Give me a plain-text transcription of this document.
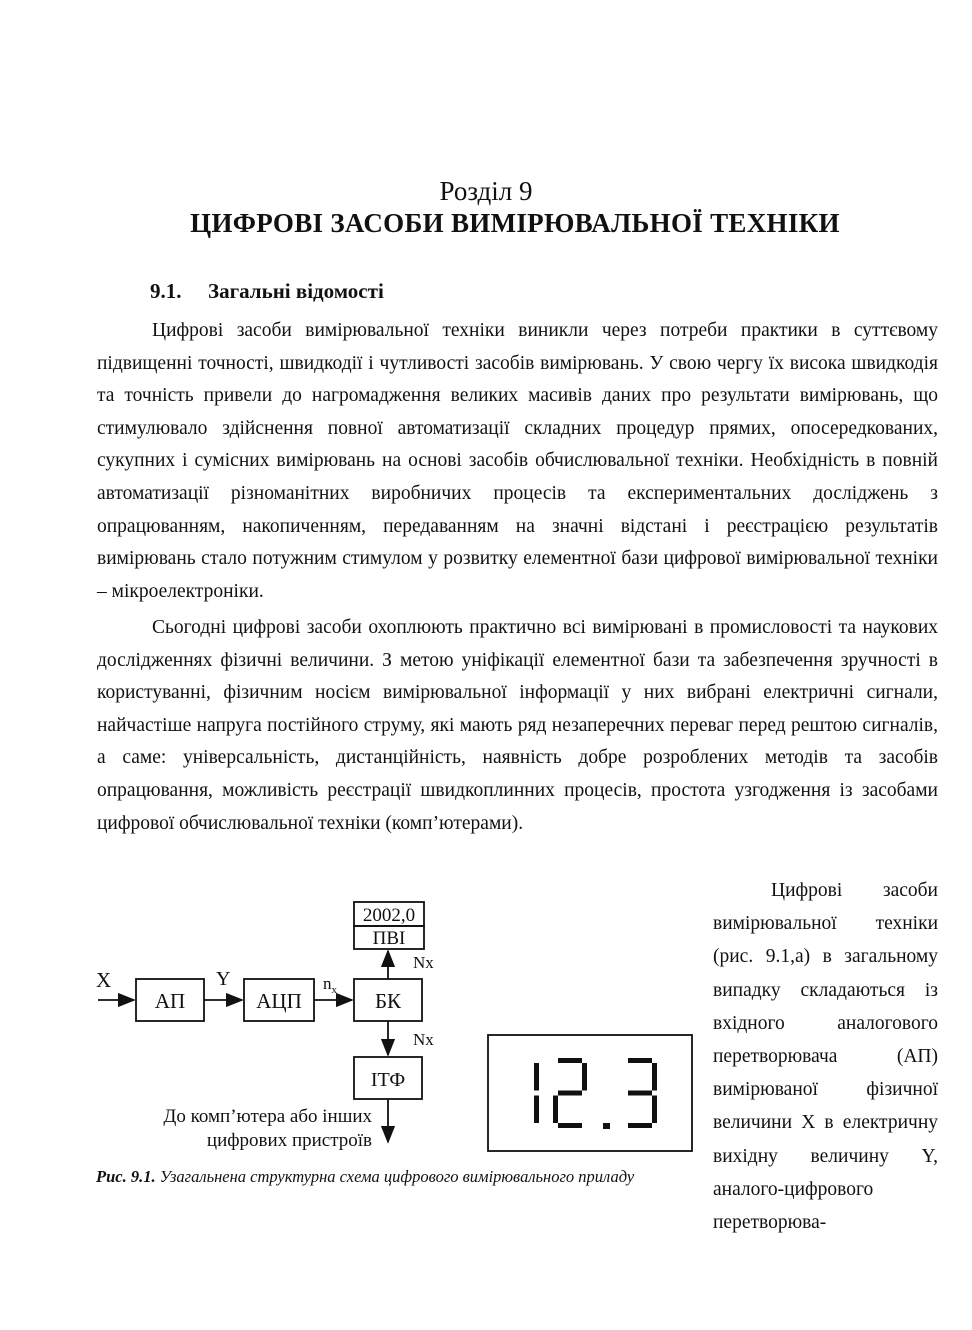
Розділ 9
ЦИФРОВІ ЗАСОБИ ВИМІРЮВАЛЬНОЇ ТЕХНІКИ
9.1. Загальні відомості

Цифрові засоби вимірювальної техніки виникли через потреби практики в суттєвому підвищенні точності, швидкодії і чутливості засобів вимірювань. У свою чергу їх висока швидкодія та точність привели до нагромадження великих масивів даних про результати вимірювань, що стимулювало здійснення повної автоматизації складних процедур прямих, опосередкованих, сукупних і сумісних вимірювань на основі засобів обчислювальної техніки. Необхідність в повній автоматизації різноманітних виробничих процесів та експериментальних досліджень з опрацюванням, накопиченням, передаванням на значні відстані і реєстрацією результатів вимірювань стало потужним стимулом у розвитку елементної бази цифрової вимірювальної техніки – мікроелектроніки.

Сьогодні цифрові засоби охоплюють практично всі вимірювані в промисловості та наукових дослідженнях фізичні величини. З метою уніфікації елементної бази та забезпечення зручності в користуванні, фізичним носієм вимірювальної інформації у них вибрані електричні сигнали, найчастіше напруга постійного струму, які мають ряд незаперечних переваг перед рештою сигналів, а саме: універсальність, дистанційність, наявність добре розроблених методів та засобів опрацювання, можливість реєстрації швидкоплинних процесів, простота узгодження із засобами цифрової обчислювальної техніки (комп’ютерами).

X
АП
Y
АЦП
$n_x$ БК
Nx
2002,0
ПВІ
Nx
ІТФ
До комп’ютера або інших
цифрових пристроїв
12.3
Рис. 9.1. Узагальнена структурна схема цифрового вимірювального приладу

Цифрові засоби вимірювальної техніки (рис. 9.1,а) в загальному випадку складаються із вхідного аналогового перетворювача (АП) вимірюваної фізичної величини X в електричну вихідну величину Y, аналого-цифрового перетворюва-
